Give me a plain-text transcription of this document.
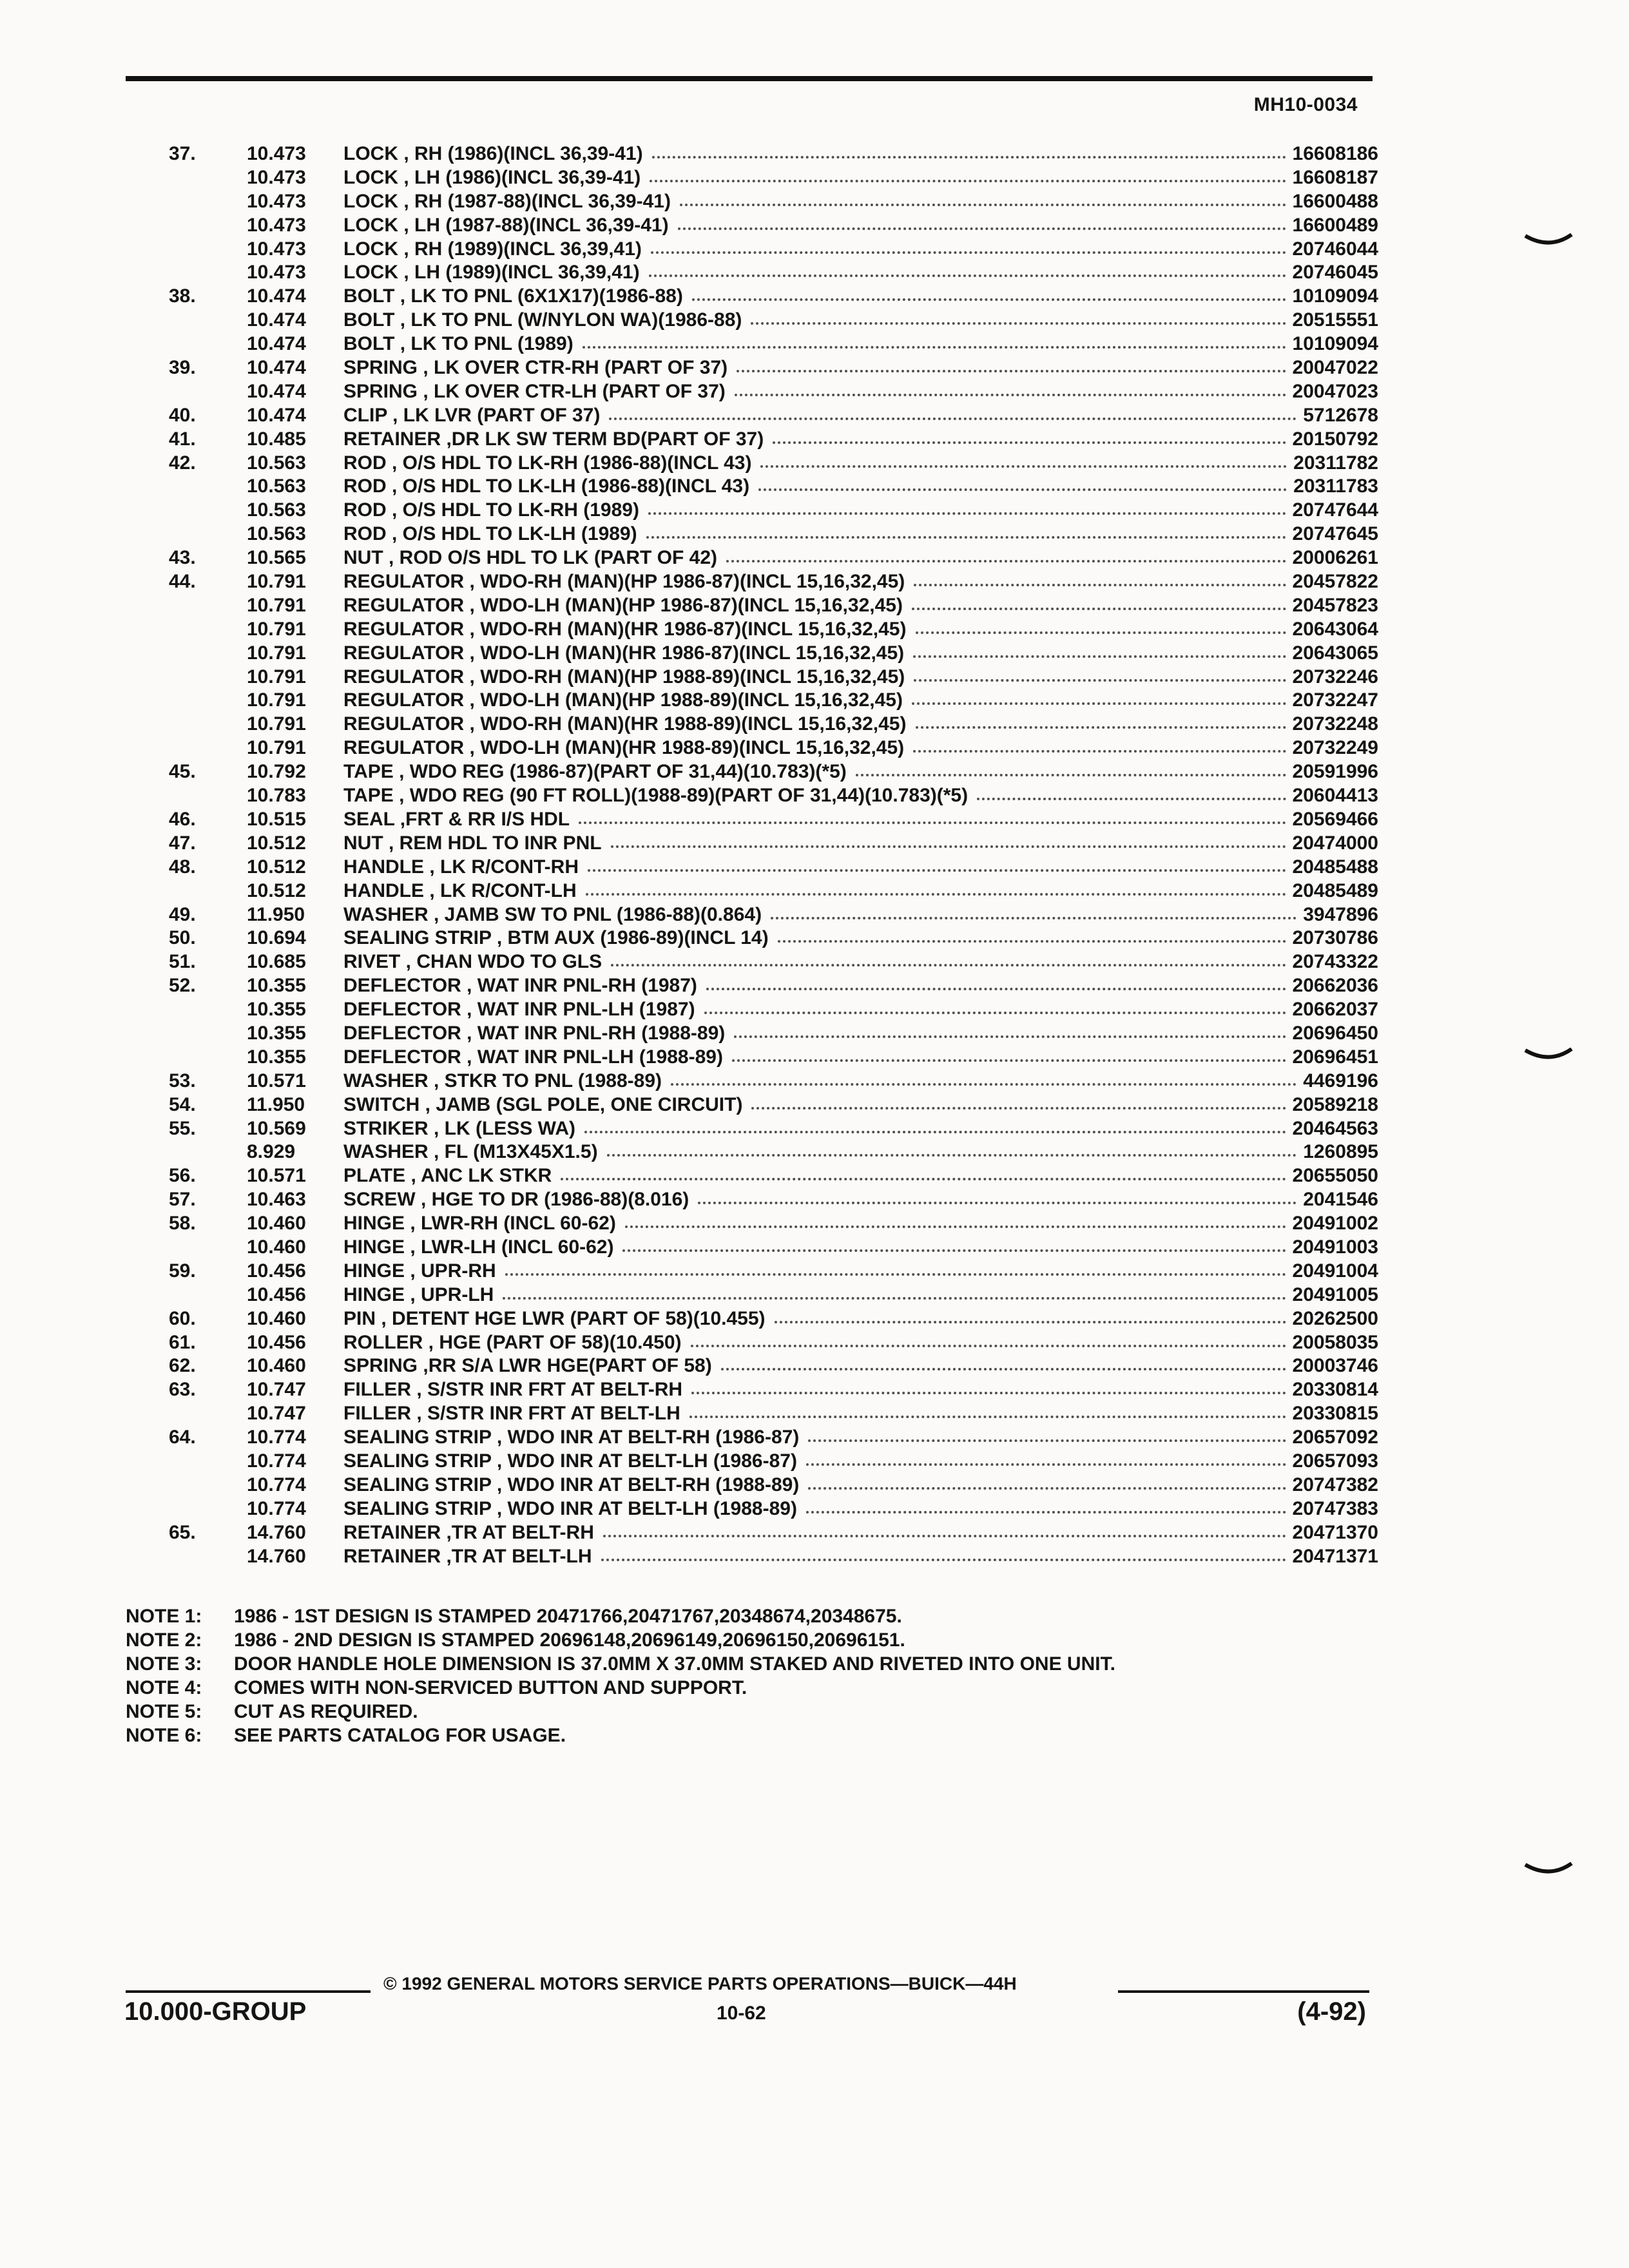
MH10-0034
37.	10.473 LOCK , RH (1986)(INCL 36,39-41)	16608186
10.473 LOCK , LH (1986)(INCL 36,39-41)	16608187
10.473 LOCK , RH (1987-88)(INCL 36,39-41)	16600488
10.473 LOCK , LH (1987-88)(INCL 36,39-41)	16600489
10.473 LOCK , RH (1989)(INCL 36,39,41)	20746044
10.473 LOCK , LH (1989)(INCL 36,39,41)	20746045
38.	10.474 BOLT , LK TO PNL (6X1X17)(1986-88)	10109094
10.474 BOLT , LK TO PNL (W/NYLON WA)(1986-88)	20515551
10.474 BOLT , LK TO PNL (1989)	10109094
39.	10.474 SPRING , LK OVER CTR-RH (PART OF 37)	20047022
10.474 SPRING , LK OVER CTR-LH (PART OF 37)	20047023
40.	10.474 CLIP , LK LVR (PART OF 37)	5712678
41.	10.485 RETAINER ,DR LK SW TERM BD(PART OF 37)	20150792
42.	10.563 ROD , O/S HDL TO LK-RH (1986-88)(INCL 43)	20311782
10.563 ROD , O/S HDL TO LK-LH (1986-88)(INCL 43)	20311783
10.563 ROD , O/S HDL TO LK-RH (1989)	20747644
10.563 ROD , O/S HDL TO LK-LH (1989)	20747645
43.	10.565 NUT , ROD O/S HDL TO LK (PART OF 42)	20006261
44.	10.791 REGULATOR , WDO-RH (MAN)(HP 1986-87)(INCL 15,16,32,45)	20457822
10.791 REGULATOR , WDO-LH (MAN)(HP 1986-87)(INCL 15,16,32,45)	20457823
10.791 REGULATOR , WDO-RH (MAN)(HR 1986-87)(INCL 15,16,32,45)	20643064
10.791 REGULATOR , WDO-LH (MAN)(HR 1986-87)(INCL 15,16,32,45)	20643065
10.791 REGULATOR , WDO-RH (MAN)(HP 1988-89)(INCL 15,16,32,45)	20732246
10.791 REGULATOR , WDO-LH (MAN)(HP 1988-89)(INCL 15,16,32,45)	20732247
10.791 REGULATOR , WDO-RH (MAN)(HR 1988-89)(INCL 15,16,32,45)	20732248
10.791 REGULATOR , WDO-LH (MAN)(HR 1988-89)(INCL 15,16,32,45)	20732249
45.	10.792 TAPE , WDO REG (1986-87)(PART OF 31,44)(10.783)(*5)	20591996
10.783 TAPE , WDO REG (90 FT ROLL)(1988-89)(PART OF 31,44)(10.783)(*5)	20604413
46.	10.515 SEAL ,FRT & RR I/S HDL	20569466
47.	10.512 NUT , REM HDL TO INR PNL	20474000
48.	10.512 HANDLE , LK R/CONT-RH	20485488
10.512 HANDLE , LK R/CONT-LH	20485489
49.	11.950 WASHER , JAMB SW TO PNL (1986-88)(0.864)	3947896
50.	10.694 SEALING STRIP , BTM AUX (1986-89)(INCL 14)	20730786
51.	10.685 RIVET , CHAN WDO TO GLS	20743322
52.	10.355 DEFLECTOR , WAT INR PNL-RH (1987)	20662036
10.355 DEFLECTOR , WAT INR PNL-LH (1987)	20662037
10.355 DEFLECTOR , WAT INR PNL-RH (1988-89)	20696450
10.355 DEFLECTOR , WAT INR PNL-LH (1988-89)	20696451
53.	10.571 WASHER , STKR TO PNL (1988-89)	4469196
54.	11.950 SWITCH , JAMB (SGL POLE, ONE CIRCUIT)	20589218
55.	10.569 STRIKER , LK (LESS WA)	20464563
8.929 WASHER , FL (M13X45X1.5)	1260895
56.	10.571 PLATE , ANC LK STKR	20655050
57.	10.463 SCREW , HGE TO DR (1986-88)(8.016)	2041546
58.	10.460 HINGE , LWR-RH (INCL 60-62)	20491002
10.460 HINGE , LWR-LH (INCL 60-62)	20491003
59.	10.456 HINGE , UPR-RH	20491004
10.456 HINGE , UPR-LH	20491005
60.	10.460 PIN , DETENT HGE LWR (PART OF 58)(10.455)	20262500
61.	10.456 ROLLER , HGE (PART OF 58)(10.450)	20058035
62.	10.460 SPRING ,RR S/A LWR HGE(PART OF 58)	20003746
63.	10.747 FILLER , S/STR INR FRT AT BELT-RH	20330814
10.747 FILLER , S/STR INR FRT AT BELT-LH	20330815
64.	10.774 SEALING STRIP , WDO INR AT BELT-RH (1986-87)	20657092
10.774 SEALING STRIP , WDO INR AT BELT-LH (1986-87)	20657093
10.774 SEALING STRIP , WDO INR AT BELT-RH (1988-89)	20747382
10.774 SEALING STRIP , WDO INR AT BELT-LH (1988-89)	20747383
65.	14.760 RETAINER ,TR AT BELT-RH	20471370
14.760 RETAINER ,TR AT BELT-LH	20471371
NOTE 1: 1986 - 1ST DESIGN IS STAMPED 20471766,20471767,20348674,20348675.
NOTE 2: 1986 - 2ND DESIGN IS STAMPED 20696148,20696149,20696150,20696151.
NOTE 3: DOOR HANDLE HOLE DIMENSION IS 37.0MM X 37.0MM STAKED AND RIVETED INTO ONE UNIT.
NOTE 4: COMES WITH NON-SERVICED BUTTON AND SUPPORT.
NOTE 5: CUT AS REQUIRED.
NOTE 6: SEE PARTS CATALOG FOR USAGE.
© 1992 GENERAL MOTORS SERVICE PARTS OPERATIONS—BUICK—44H
10.000-GROUP	10-62	(4-92)
